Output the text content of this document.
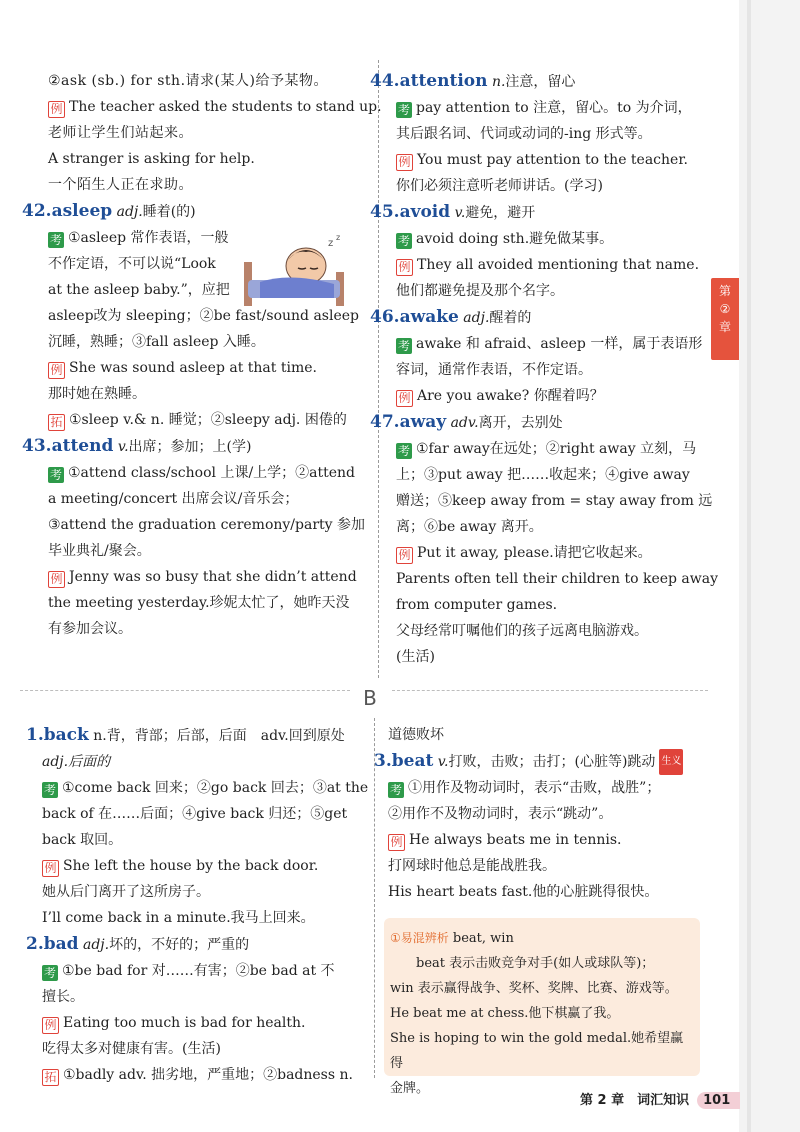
第
②
章
B
②ask (sb.) for sth.请求(某人)给予某物。
例 The teacher asked the students to stand up.
老师让学生们站起来。
A stranger is asking for help.
一个陌生人正在求助。
42.asleep adj.睡着(的)
考 ①asleep 常作表语，一般
不作定语，不可以说“Look
at the asleep baby.”，应把
asleep改为 sleeping；②be fast/sound asleep
沉睡，熟睡；③fall asleep 入睡。
例 She was sound asleep at that time.
那时她在熟睡。
拓 ①sleep v.& n. 睡觉；②sleepy adj. 困倦的
43.attend v.出席；参加；上(学)
考 ①attend class/school 上课/上学；②attend
a meeting/concert 出席会议/音乐会；
③attend the graduation ceremony/party 参加
毕业典礼/聚会。
例 Jenny was so busy that she didn’t attend
the meeting yesterday.珍妮太忙了，她昨天没
有参加会议。
z
z
44.attention n.注意，留心
考 pay attention to 注意，留心。to 为介词，
其后跟名词、代词或动词的-ing 形式等。
例 You must pay attention to the teacher.
你们必须注意听老师讲话。(学习)
45.avoid v.避免，避开
考 avoid doing sth.避免做某事。
例 They all avoided mentioning that name.
他们都避免提及那个名字。
46.awake adj.醒着的
考 awake 和 afraid、asleep 一样，属于表语形
容词，通常作表语，不作定语。
例 Are you awake? 你醒着吗？
47.away adv.离开，去别处
考 ①far away在远处；②right away 立刻，马
上；③put away 把……收起来；④give away
赠送；⑤keep away from = stay away from 远
离；⑥be away 离开。
例 Put it away, please.请把它收起来。
Parents often tell their children to keep away
from computer games.
父母经常叮嘱他们的孩子远离电脑游戏。
(生活)
1.back n.背，背部；后部，后面　adv.回到原处
adj.后面的
考 ①come back 回来；②go back 回去；③at the
back of 在……后面；④give back 归还；⑤get
back 取回。
例 She left the house by the back door.
她从后门离开了这所房子。
I’ll come back in a minute.我马上回来。
2.bad adj.坏的，不好的；严重的
考 ①be bad for 对……有害；②be bad at 不
擅长。
例 Eating too much is bad for health.
吃得太多对健康有害。(生活)
拓 ①badly adv. 拙劣地，严重地；②badness n.
道德败坏
3.beat v.打败，击败；击打；(心脏等)跳动 生义
考 ①用作及物动词时，表示“击败，战胜”；
②用作不及物动词时，表示“跳动”。
例 He always beats me in tennis.
打网球时他总是能战胜我。
His heart beats fast.他的心脏跳得很快。
①易混辨析 beat, win
beat 表示击败竞争对手(如人或球队等)；
win 表示赢得战争、奖杯、奖牌、比赛、游戏等。
He beat me at chess.他下棋赢了我。
She is hoping to win the gold medal.她希望赢得
金牌。
第 2 章　词汇知识 101
